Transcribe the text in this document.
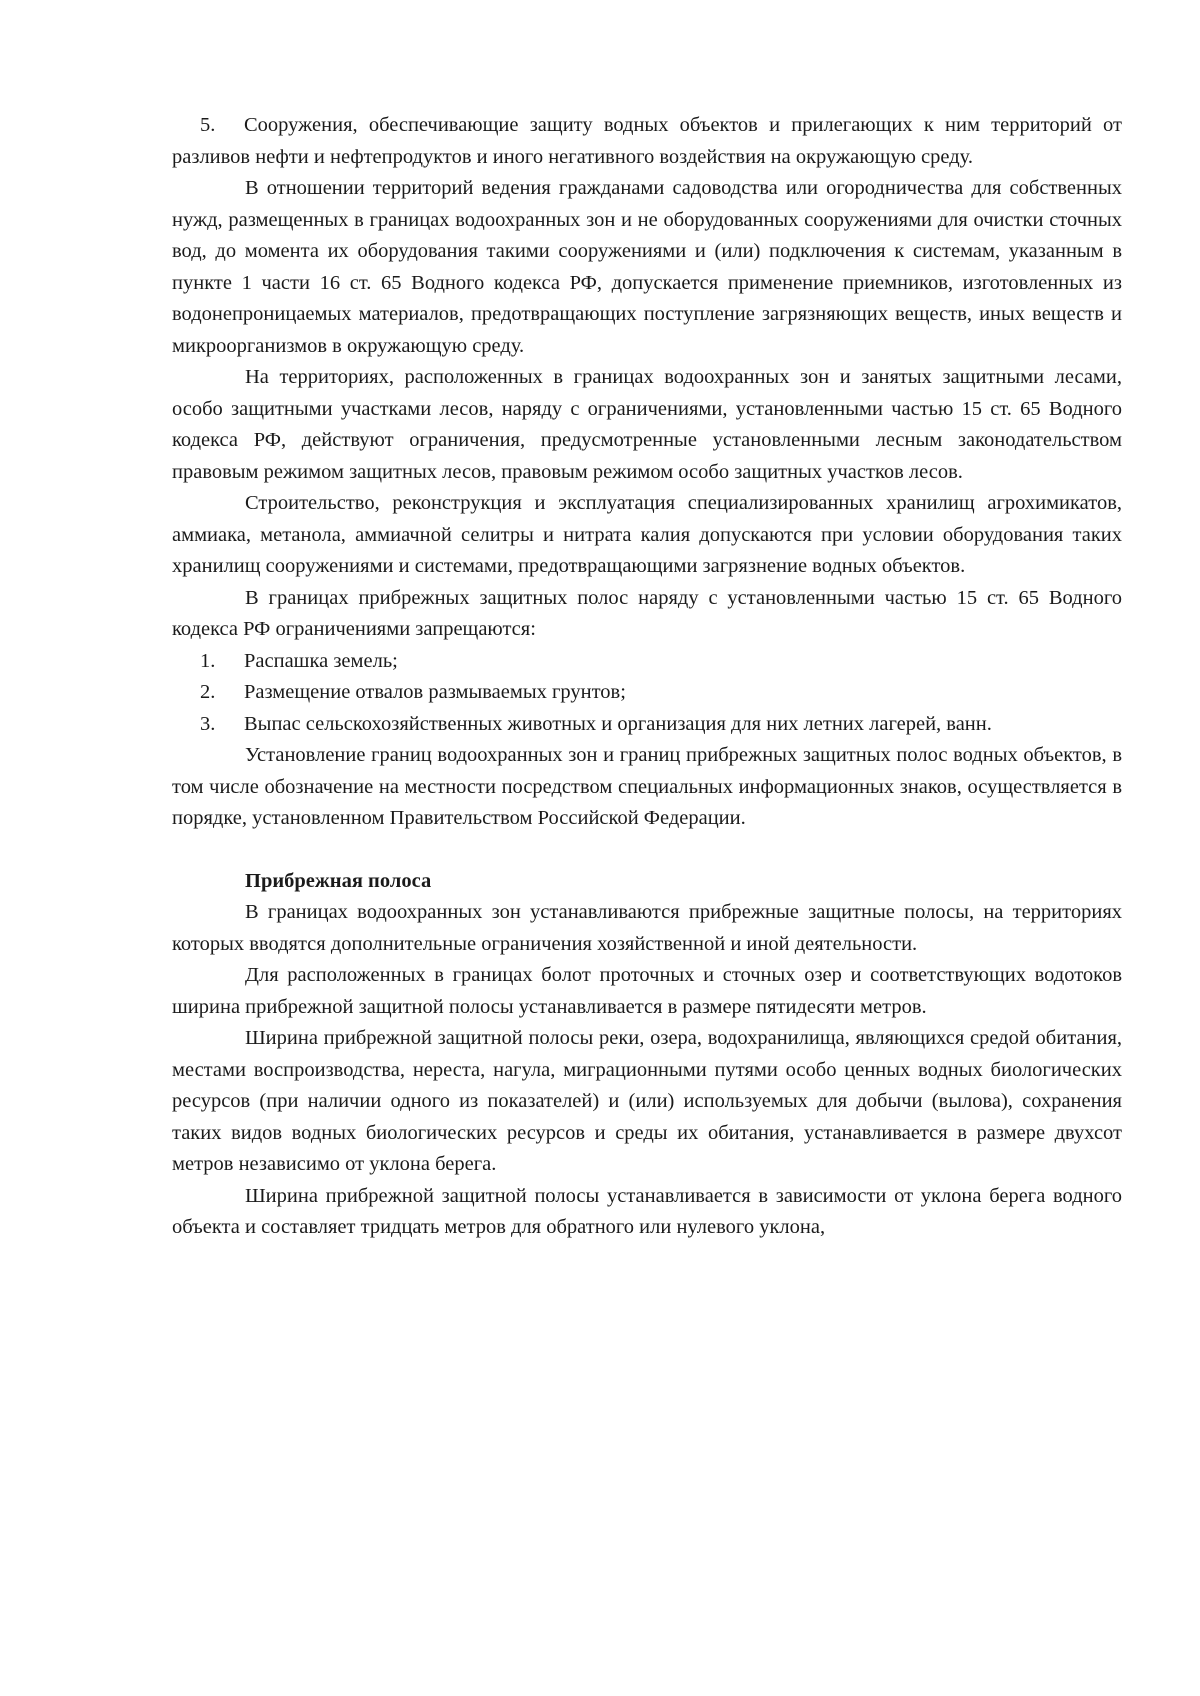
5. Сооружения, обеспечивающие защиту водных объектов и прилегающих к ним территорий от разливов нефти и нефтепродуктов и иного негативного воздействия на окружающую среду.

В отношении территорий ведения гражданами садоводства или огородничества для собственных нужд, размещенных в границах водоохранных зон и не оборудованных сооружениями для очистки сточных вод, до момента их оборудования такими сооружениями и (или) подключения к системам, указанным в пункте 1 части 16 ст. 65 Водного кодекса РФ, допускается применение приемников, изготовленных из водонепроницаемых материалов, предотвращающих поступление загрязняющих веществ, иных веществ и микроорганизмов в окружающую среду.

На территориях, расположенных в границах водоохранных зон и занятых защитными лесами, особо защитными участками лесов, наряду с ограничениями, установленными частью 15 ст. 65 Водного кодекса РФ, действуют ограничения, предусмотренные установленными лесным законодательством правовым режимом защитных лесов, правовым режимом особо защитных участков лесов.

Строительство, реконструкция и эксплуатация специализированных хранилищ агрохимикатов, аммиака, метанола, аммиачной селитры и нитрата калия допускаются при условии оборудования таких хранилищ сооружениями и системами, предотвращающими загрязнение водных объектов.

В границах прибрежных защитных полос наряду с установленными частью 15 ст. 65 Водного кодекса РФ ограничениями запрещаются:

1. Распашка земель;

2. Размещение отвалов размываемых грунтов;

3. Выпас сельскохозяйственных животных и организация для них летних лагерей, ванн.

Установление границ водоохранных зон и границ прибрежных защитных полос водных объектов, в том числе обозначение на местности посредством специальных информационных знаков, осуществляется в порядке, установленном Правительством Российской Федерации.

Прибрежная полоса

В границах водоохранных зон устанавливаются прибрежные защитные полосы, на территориях которых вводятся дополнительные ограничения хозяйственной и иной деятельности.

Для расположенных в границах болот проточных и сточных озер и соответствующих водотоков ширина прибрежной защитной полосы устанавливается в размере пятидесяти метров.

Ширина прибрежной защитной полосы реки, озера, водохранилища, являющихся средой обитания, местами воспроизводства, нереста, нагула, миграционными путями особо ценных водных биологических ресурсов (при наличии одного из показателей) и (или) используемых для добычи (вылова), сохранения таких видов водных биологических ресурсов и среды их обитания, устанавливается в размере двухсот метров независимо от уклона берега.

Ширина прибрежной защитной полосы устанавливается в зависимости от уклона берега водного объекта и составляет тридцать метров для обратного или нулевого уклона,
